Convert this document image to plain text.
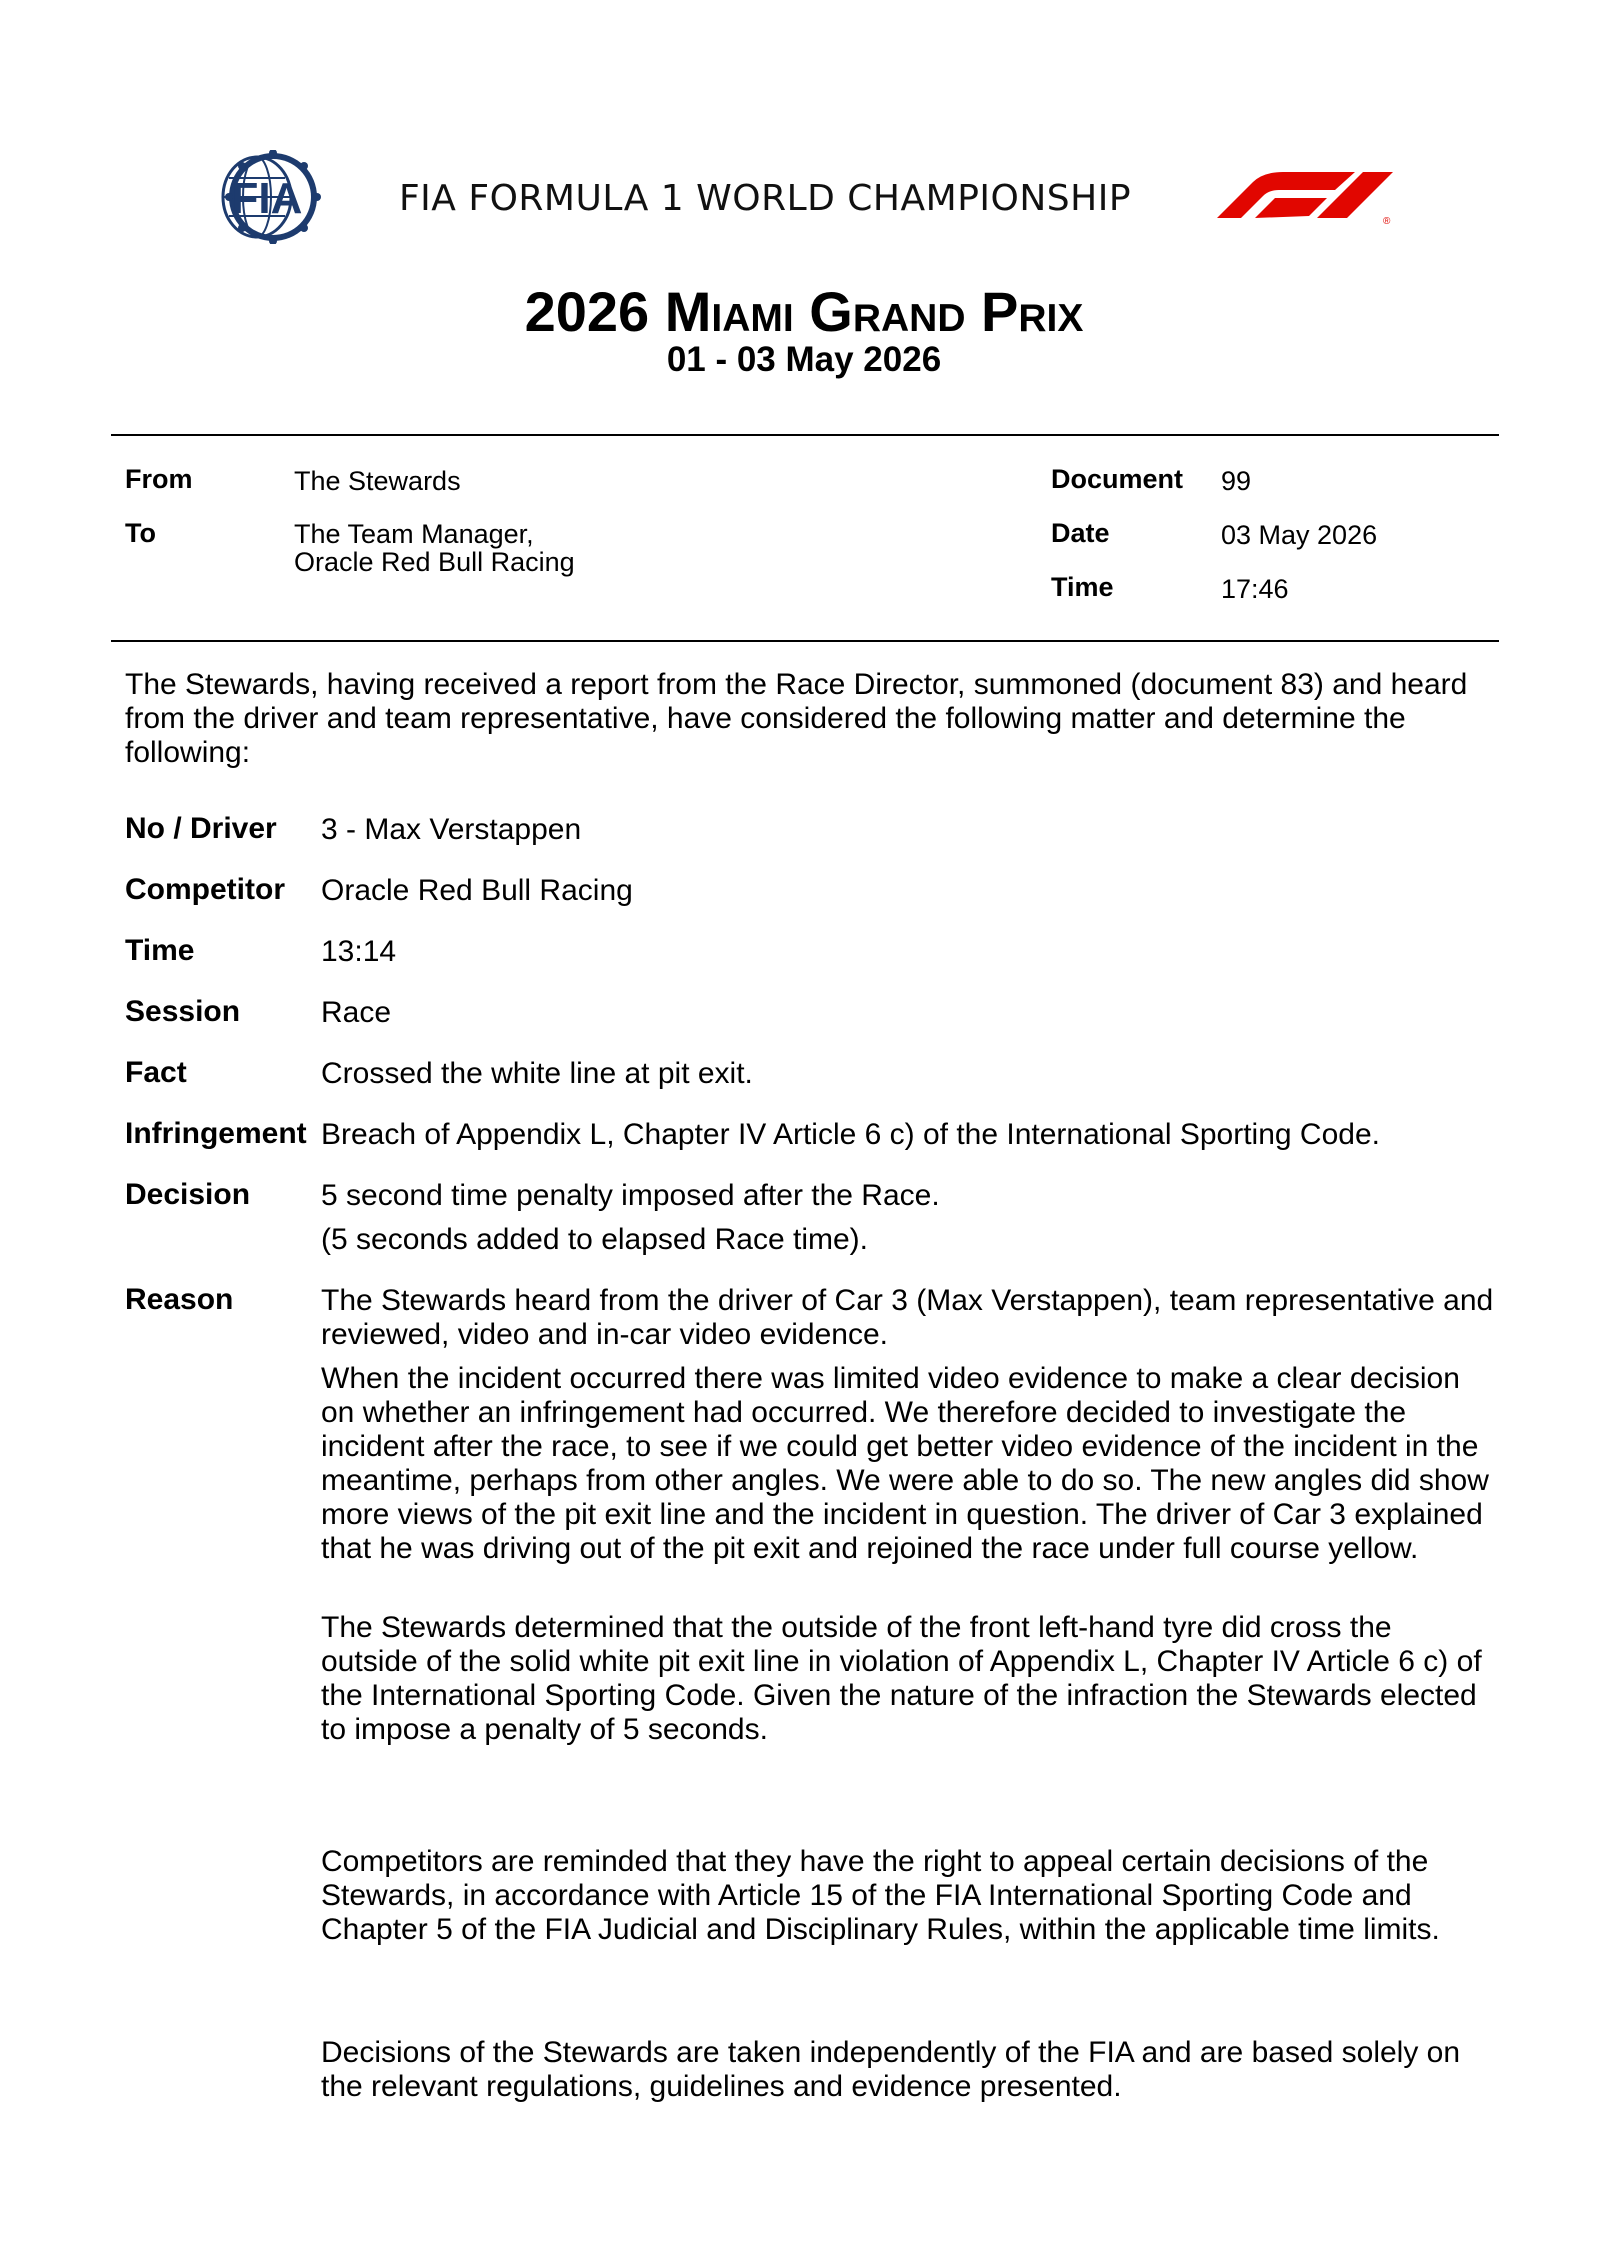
FIA	FIA FORMULA 1 WORLD CHAMPIONSHIP
®
2026 Miami Grand Prix
01 - 03 May 2026
From	The Stewards
To	The Team Manager,
Oracle Red Bull Racing
Document 99
Date	03 May 2026
Time	17:46
The Stewards, having received a report from the Race Director, summoned (document 83) and heard from the driver and team representative, have considered the following matter and determine the following:
No / Driver 3 - Max Verstappen
Competitor Oracle Red Bull Racing
Time	13:14
Session	Race
Fact	Crossed the white line at pit exit.
Infringement Breach of Appendix L, Chapter IV Article 6 c) of the International Sporting Code.
Decision 5 second time penalty imposed after the Race.
(5 seconds added to elapsed Race time).
Reason	The Stewards heard from the driver of Car 3 (Max Verstappen), team representative and reviewed, video and in-car video evidence.
When the incident occurred there was limited video evidence to make a clear decision on whether an infringement had occurred. We therefore decided to investigate the incident after the race, to see if we could get better video evidence of the incident in the meantime, perhaps from other angles. We were able to do so. The new angles did show more views of the pit exit line and the incident in question. The driver of Car 3 explained that he was driving out of the pit exit and rejoined the race under full course yellow.
The Stewards determined that the outside of the front left-hand tyre did cross the outside of the solid white pit exit line in violation of Appendix L, Chapter IV Article 6 c) of the International Sporting Code. Given the nature of the infraction the Stewards elected to impose a penalty of 5 seconds.
Competitors are reminded that they have the right to appeal certain decisions of the Stewards, in accordance with Article 15 of the FIA International Sporting Code and Chapter 5 of the FIA Judicial and Disciplinary Rules, within the applicable time limits.
Decisions of the Stewards are taken independently of the FIA and are based solely on the relevant regulations, guidelines and evidence presented.
